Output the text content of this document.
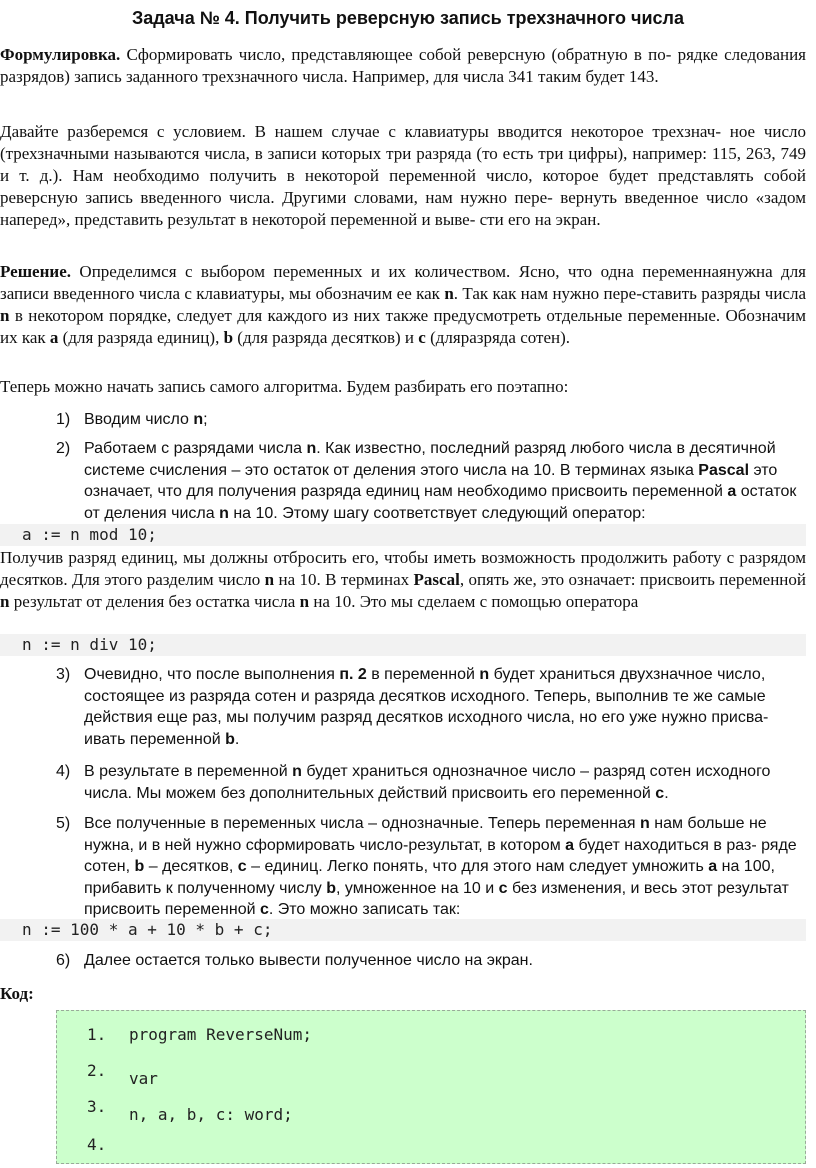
Задача № 4. Получить реверсную запись трехзначного числа
Формулировка. Сформировать число, представляющее собой реверсную (обратную в по- рядке следования разрядов) запись заданного трехзначного числа. Например, для числа 341 таким будет 143.
Давайте разберемся с условием. В нашем случае с клавиатуры вводится некоторое трехзнач- ное число (трехзначными называются числа, в записи которых три разряда (то есть три цифры), например: 115, 263, 749 и т. д.). Нам необходимо получить в некоторой переменной число, которое будет представлять собой реверсную запись введенного числа. Другими словами, нам нужно пере- вернуть введенное число «задом наперед», представить результат в некоторой переменной и выве- сти его на экран.
Решение. Определимся с выбором переменных и их количеством. Ясно, что одна переменнаянужна для записи введенного числа с клавиатуры, мы обозначим ее как n. Так как нам нужно пере-ставить разряды числа n в некотором порядке, следует для каждого из них также предусмотреть отдельные переменные. Обозначим их как a (для разряда единиц), b (для разряда десятков) и c (дляразряда сотен).
Теперь можно начать запись самого алгоритма. Будем разбирать его поэтапно:
1) Вводим число n;
2) Работаем с разрядами числа n. Как известно, последний разряд любого числа в десятичной системе счисления – это остаток от деления этого числа на 10. В терминах языка Pascal это означает, что для получения разряда единиц нам необходимо присвоить переменной a остаток от деления числа n на 10. Этому шагу соответствует следующий оператор:
a := n mod 10;
Получив разряд единиц, мы должны отбросить его, чтобы иметь возможность продолжить работу с разрядом десятков. Для этого разделим число n на 10. В терминах Pascal, опять же, это означает: присвоить переменной n результат от деления без остатка числа n на 10. Это мы сделаем с помощью оператора
n := n div 10;
3) Очевидно, что после выполнения п. 2 в переменной n будет храниться двухзначное число, состоящее из разряда сотен и разряда десятков исходного. Теперь, выполнив те же самые действия еще раз, мы получим разряд десятков исходного числа, но его уже нужно присва- ивать переменной b.
4) В результате в переменной n будет храниться однозначное число – разряд сотен исходного числа. Мы можем без дополнительных действий присвоить его переменной c.
5) Все полученные в переменных числа – однозначные. Теперь переменная n нам больше не нужна, и в ней нужно сформировать число-результат, в котором a будет находиться в раз- ряде сотен, b – десятков, c – единиц. Легко понять, что для этого нам следует умножить a на 100, прибавить к полученному числу b, умноженное на 10 и c без изменения, и весь этот результат присвоить переменной c. Это можно записать так:
n := 100 * a + 10 * b + c;
6) Далее остается только вывести полученное число на экран.
Код:
1. program ReverseNum;
2. var
3. n, a, b, c: word;
4.
